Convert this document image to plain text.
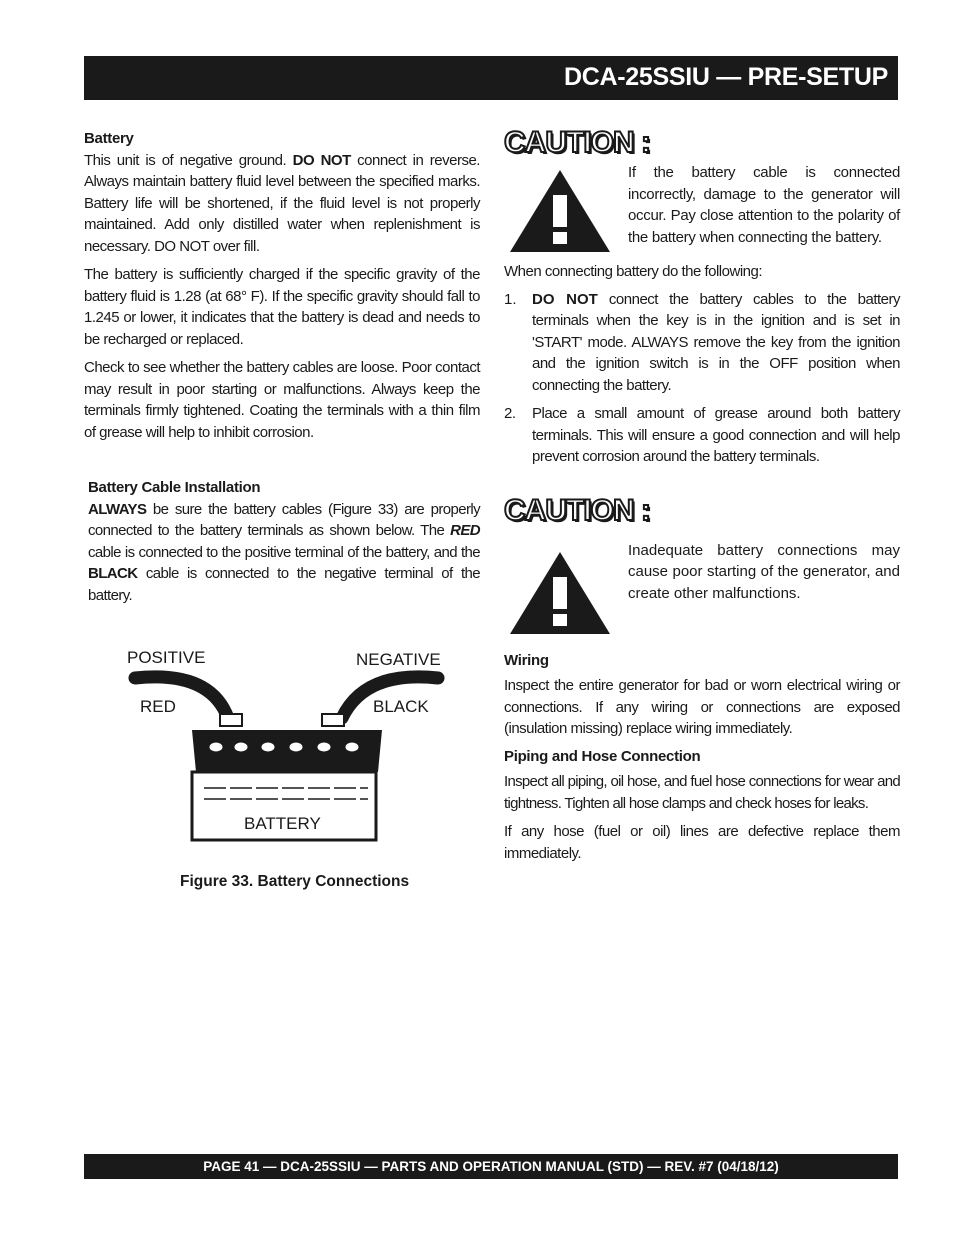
DCA-25SSIU — PRE-SETUP
Battery

This unit is of negative ground. DO NOT connect in reverse. Always maintain battery fluid level between the specified marks. Battery life will be shortened, if the fluid level is not properly maintained. Add only distilled water when replenishment is necessary. DO NOT over fill.

The battery is sufficiently charged if the specific gravity of the battery fluid is 1.28 (at 68° F). If the specific gravity should fall to 1.245 or lower, it indicates that the battery is dead and needs to be recharged or replaced.

Check to see whether the battery cables are loose. Poor contact may result in poor starting or malfunctions. Always keep the terminals firmly tightened. Coating the terminals with a thin film of grease will help to inhibit corrosion.

Battery Cable Installation

ALWAYS be sure the battery cables (Figure 33) are properly connected to the battery terminals as shown below. The RED cable is connected to the positive terminal of the battery, and the BLACK cable is connected to the negative terminal of the battery.

POSITIVE	NEGATIVE
RED	BLACK
BATTERY
Figure 33. Battery Connections
CAUTION :

If the battery cable is connected incorrectly, damage to the generator will occur. Pay close attention to the polarity of the battery when connecting the battery.

When connecting battery do the following:

1. DO NOT connect the battery cables to the battery terminals when the key is in the ignition and is set in 'START' mode. ALWAYS remove the key from the ignition and the ignition switch is in the OFF position when connecting the battery.
2. Place a small amount of grease around both battery terminals. This will ensure a good connection and will help prevent corrosion around the battery terminals.
CAUTION :

Inadequate battery connections may cause poor starting of the generator, and create other malfunctions.

Wiring

Inspect the entire generator for bad or worn electrical wiring or connections. If any wiring or connections are exposed (insulation missing) replace wiring immediately.

Piping and Hose Connection

Inspect all piping, oil hose, and fuel hose connections for wear and tightness. Tighten all hose clamps and check hoses for leaks.

If any hose (fuel or oil) lines are defective replace them immediately.

PAGE 41 — DCA-25SSIU — PARTS AND OPERATION MANUAL (STD) — REV. #7 (04/18/12)
